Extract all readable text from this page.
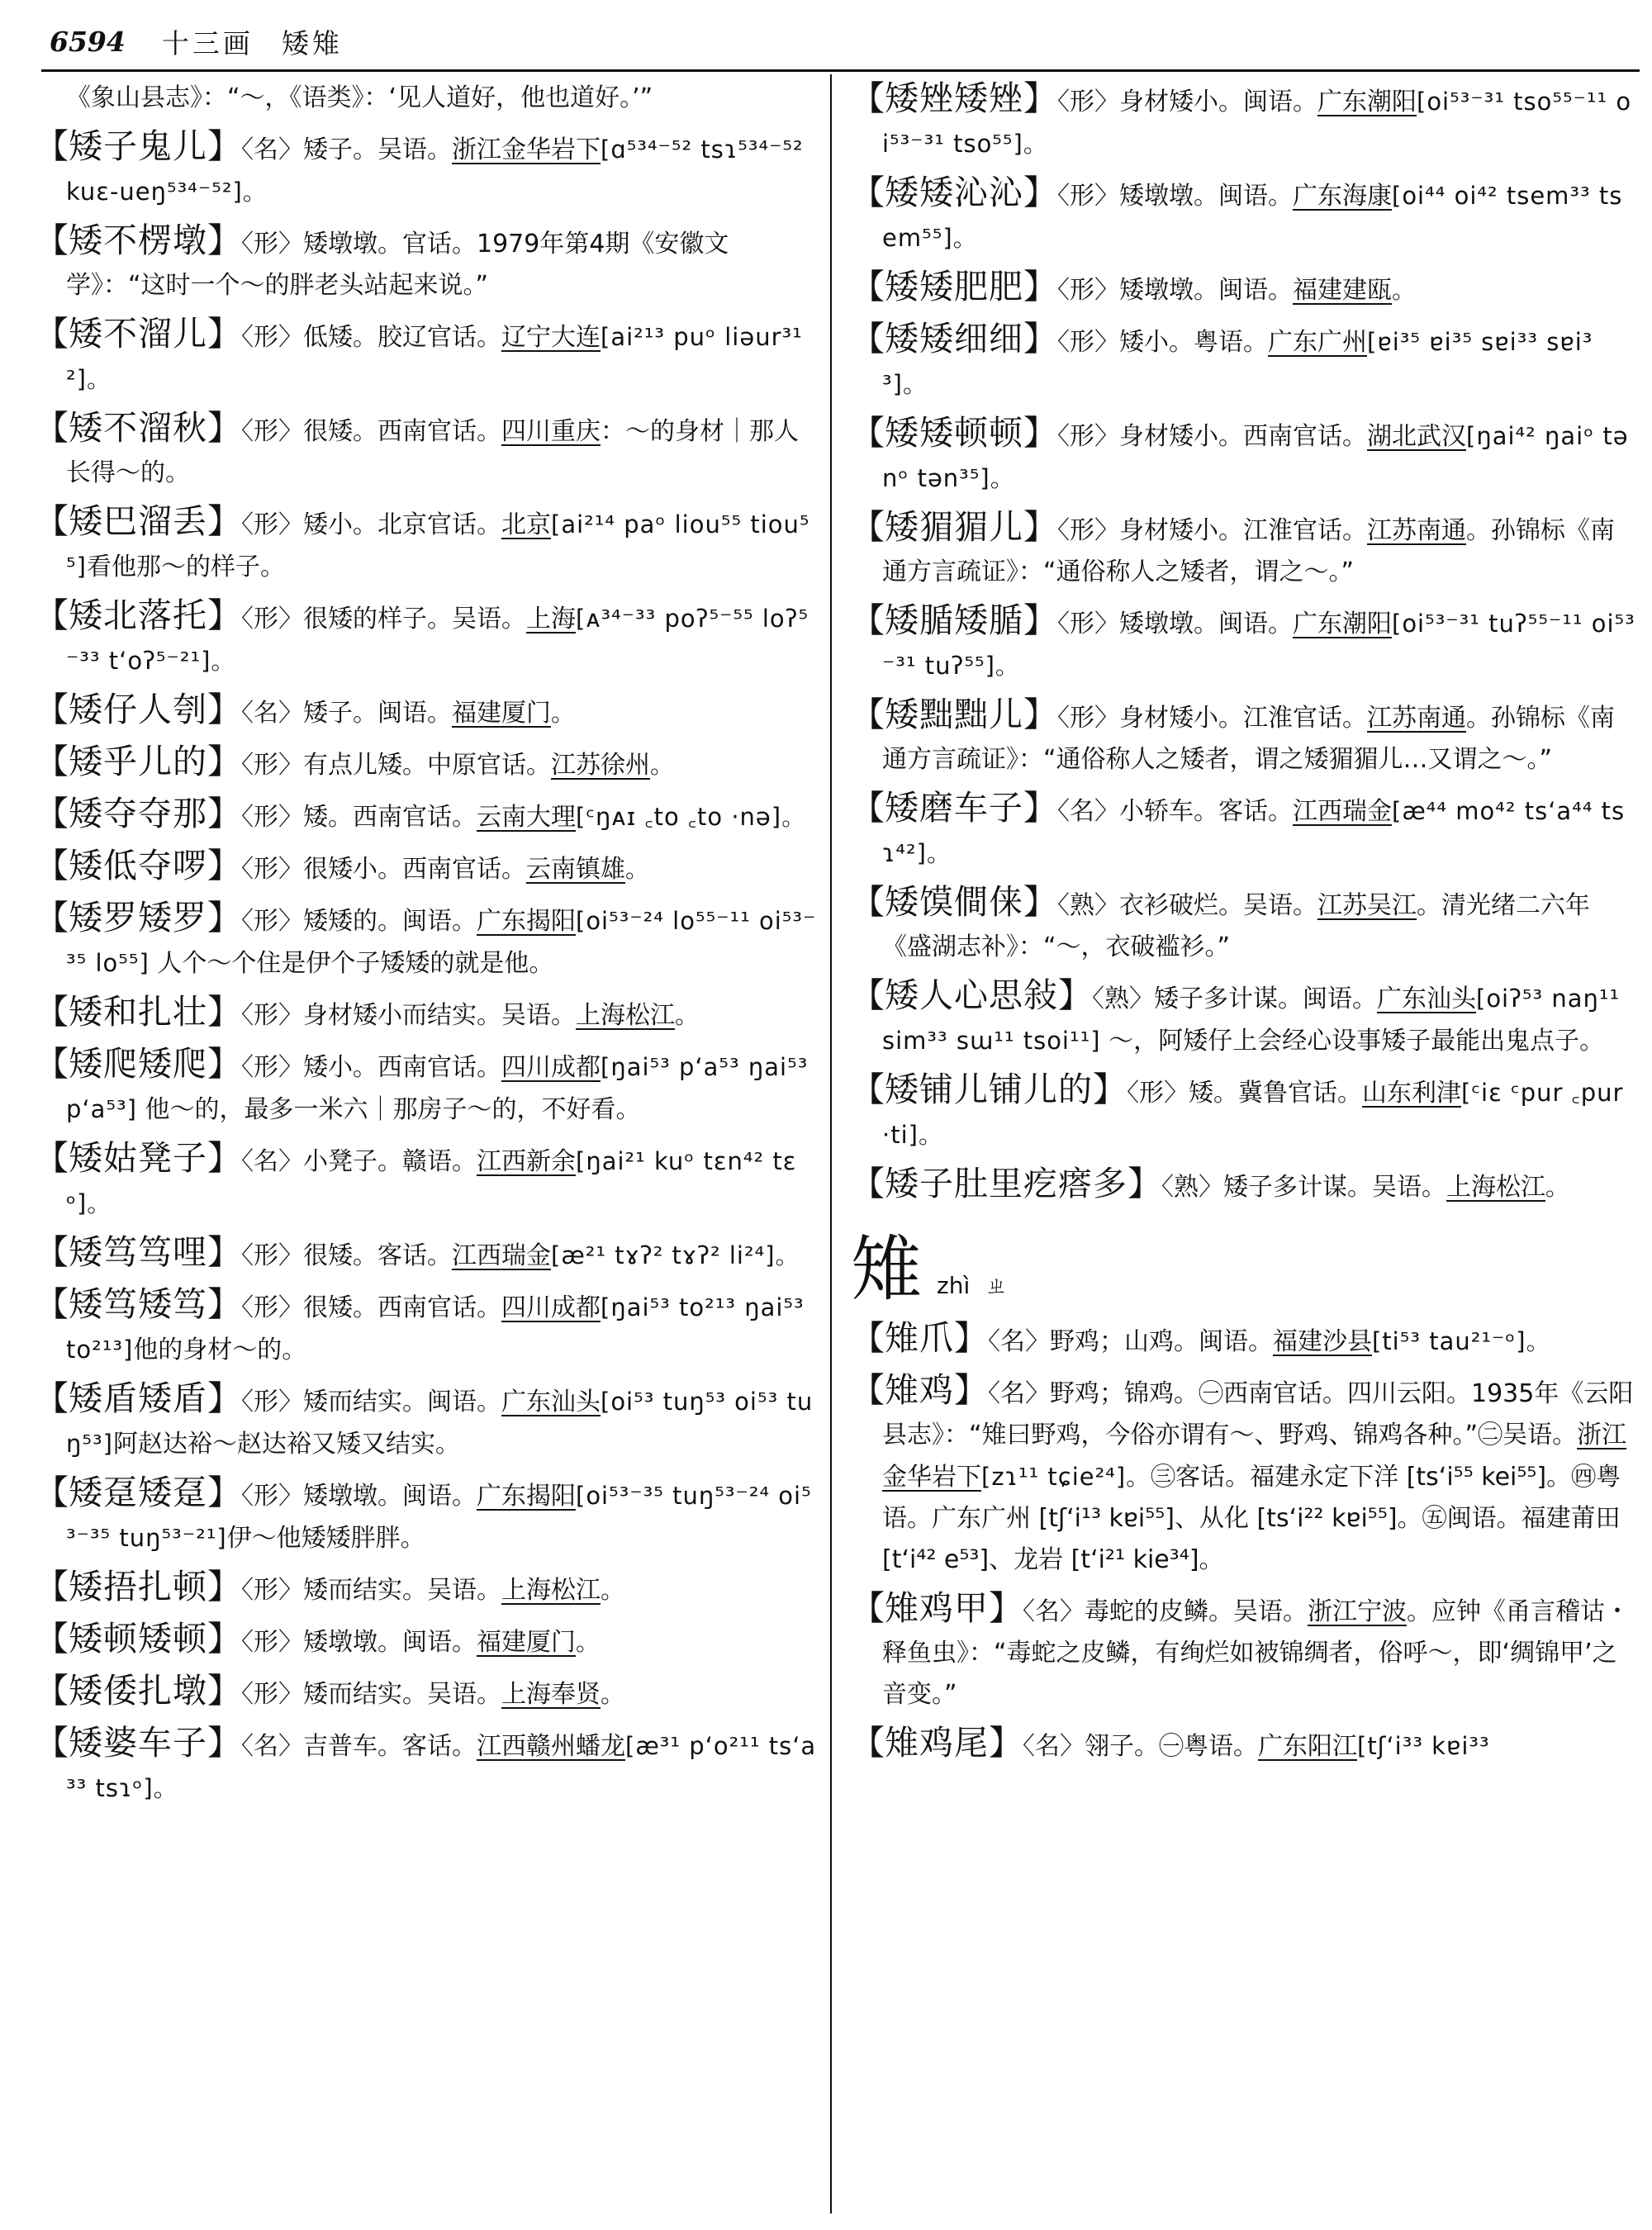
6594 十三画 矮雉

《象山县志》：“～，《语类》：‘见人道好，他也道好。’”

【矮子鬼儿】〈名〉矮子。吴语。浙江金华岩下[ɑ⁵³⁴⁻⁵² tsɿ⁵³⁴⁻⁵² kuɛ-ueŋ⁵³⁴⁻⁵²]。

【矮不楞墩】〈形〉矮墩墩。官话。1979年第4期《安徽文学》：“这时一个～的胖老头站起来说。”

【矮不溜儿】〈形〉低矮。胶辽官话。辽宁大连[ai²¹³ puᵒ liəur³¹²]。

【矮不溜秋】〈形〉很矮。西南官话。四川重庆：～的身材｜那人长得～的。

【矮巴溜丢】〈形〉矮小。北京官话。北京[ai²¹⁴ paᵒ liou⁵⁵ tiou⁵⁵]看他那～的样子。

【矮北落托】〈形〉很矮的样子。吴语。上海[ᴀ³⁴⁻³³ poʔ⁵⁻⁵⁵ loʔ⁵⁻³³ t‘oʔ⁵⁻²¹]。

【矮仔人刳】〈名〉矮子。闽语。福建厦门。

【矮乎儿的】〈形〉有点儿矮。中原官话。江苏徐州。

【矮夺夺那】〈形〉矮。西南官话。云南大理[ᶜŋᴀɪ ꜀to ꜀to ·nə]。

【矮低夺啰】〈形〉很矮小。西南官话。云南镇雄。

【矮罗矮罗】〈形〉矮矮的。闽语。广东揭阳[oi⁵³⁻²⁴ lo⁵⁵⁻¹¹ oi⁵³⁻³⁵ lo⁵⁵] 人个～个住是伊个子矮矮的就是他。

【矮和扎壮】〈形〉身材矮小而结实。吴语。上海松江。

【矮爬矮爬】〈形〉矮小。西南官话。四川成都[ŋai⁵³ p‘a⁵³ ŋai⁵³ p‘a⁵³] 他～的，最多一米六｜那房子～的，不好看。

【矮姑凳子】〈名〉小凳子。赣语。江西新余[ŋai²¹ kuᵒ tɛn⁴² tɛᵒ]。

【矮笃笃哩】〈形〉很矮。客话。江西瑞金[æ²¹ tɤʔ² tɤʔ² li²⁴]。

【矮笃矮笃】〈形〉很矮。西南官话。四川成都[ŋai⁵³ to²¹³ ŋai⁵³ to²¹³]他的身材～的。

【矮盾矮盾】〈形〉矮而结实。闽语。广东汕头[oi⁵³ tuŋ⁵³ oi⁵³ tuŋ⁵³]阿赵达裕～赵达裕又矮又结实。

【矮趸矮趸】〈形〉矮墩墩。闽语。广东揭阳[oi⁵³⁻³⁵ tuŋ⁵³⁻²⁴ oi⁵³⁻³⁵ tuŋ⁵³⁻²¹]伊～他矮矮胖胖。

【矮捂扎顿】〈形〉矮而结实。吴语。上海松江。

【矮顿矮顿】〈形〉矮墩墩。闽语。福建厦门。

【矮倭扎墩】〈形〉矮而结实。吴语。上海奉贤。

【矮婆车子】〈名〉吉普车。客话。江西赣州蟠龙[æ³¹ p‘o²¹¹ ts‘a³³ tsɿᵒ]。

【矮矬矮矬】〈形〉身材矮小。闽语。广东潮阳[oi⁵³⁻³¹ tso⁵⁵⁻¹¹ oi⁵³⁻³¹ tso⁵⁵]。

【矮矮沁沁】〈形〉矮墩墩。闽语。广东海康[oi⁴⁴ oi⁴² tsem³³ tsem⁵⁵]。

【矮矮肥肥】〈形〉矮墩墩。闽语。福建建瓯。

【矮矮细细】〈形〉矮小。粤语。广东广州[ɐi³⁵ ɐi³⁵ sɐi³³ sɐi³³]。

【矮矮顿顿】〈形〉身材矮小。西南官话。湖北武汉[ŋai⁴² ŋaiᵒ tənᵒ tən³⁵]。

【矮猸猸儿】〈形〉身材矮小。江淮官话。江苏南通。孙锦标《南通方言疏证》：“通俗称人之矮者，谓之～。”

【矮腯矮腯】〈形〉矮墩墩。闽语。广东潮阳[oi⁵³⁻³¹ tuʔ⁵⁵⁻¹¹ oi⁵³⁻³¹ tuʔ⁵⁵]。

【矮黜黜儿】〈形〉身材矮小。江淮官话。江苏南通。孙锦标《南通方言疏证》：“通俗称人之矮者，谓之矮猸猸儿…又谓之～。”

【矮磨车子】〈名〉小轿车。客话。江西瑞金[æ⁴⁴ mo⁴² ts‘a⁴⁴ tsɿ⁴²]。

【矮馍僴俫】〈熟〉衣衫破烂。吴语。江苏吴江。清光绪二六年《盛湖志补》：“～，衣破褴衫。”

【矮人心思敍】〈熟〉矮子多计谋。闽语。广东汕头[oiʔ⁵³ naŋ¹¹ sim³³ sɯ¹¹ tsoi¹¹] ～，阿矮仔上会经心设事矮子最能出鬼点子。

【矮铺儿铺儿的】〈形〉矮。冀鲁官话。山东利津[ᶜiɛ ᶜpur ꜀pur ·ti]。

【矮子肚里疙瘩多】〈熟〉矮子多计谋。吴语。上海松江。

雉 zhì ㄓ

【雉爪】〈名〉野鸡；山鸡。闽语。福建沙县[ti⁵³ tau²¹⁻ᵒ]。

【雉鸡】〈名〉野鸡；锦鸡。㊀西南官话。四川云阳。1935年《云阳县志》：“雉曰野鸡，今俗亦谓有～、野鸡、锦鸡各种。”㊁吴语。浙江金华岩下[zɿ¹¹ tɕie²⁴]。㊂客话。福建永定下洋 [ts‘i⁵⁵ kei⁵⁵]。㊃粤语。广东广州 [tʃ‘i¹³ kɐi⁵⁵]、从化 [ts‘i²² kɐi⁵⁵]。㊄闽语。福建莆田 [t‘i⁴² e⁵³]、龙岩 [t‘i²¹ kie³⁴]。

【雉鸡甲】〈名〉毒蛇的皮鳞。吴语。浙江宁波。应钟《甬言稽诂・释鱼虫》：“毒蛇之皮鳞，有绚烂如被锦绸者，俗呼～，即‘绸锦甲’之音变。”

【雉鸡尾】〈名〉翎子。㊀粤语。广东阳江[tʃ‘i³³ kɐi³³
